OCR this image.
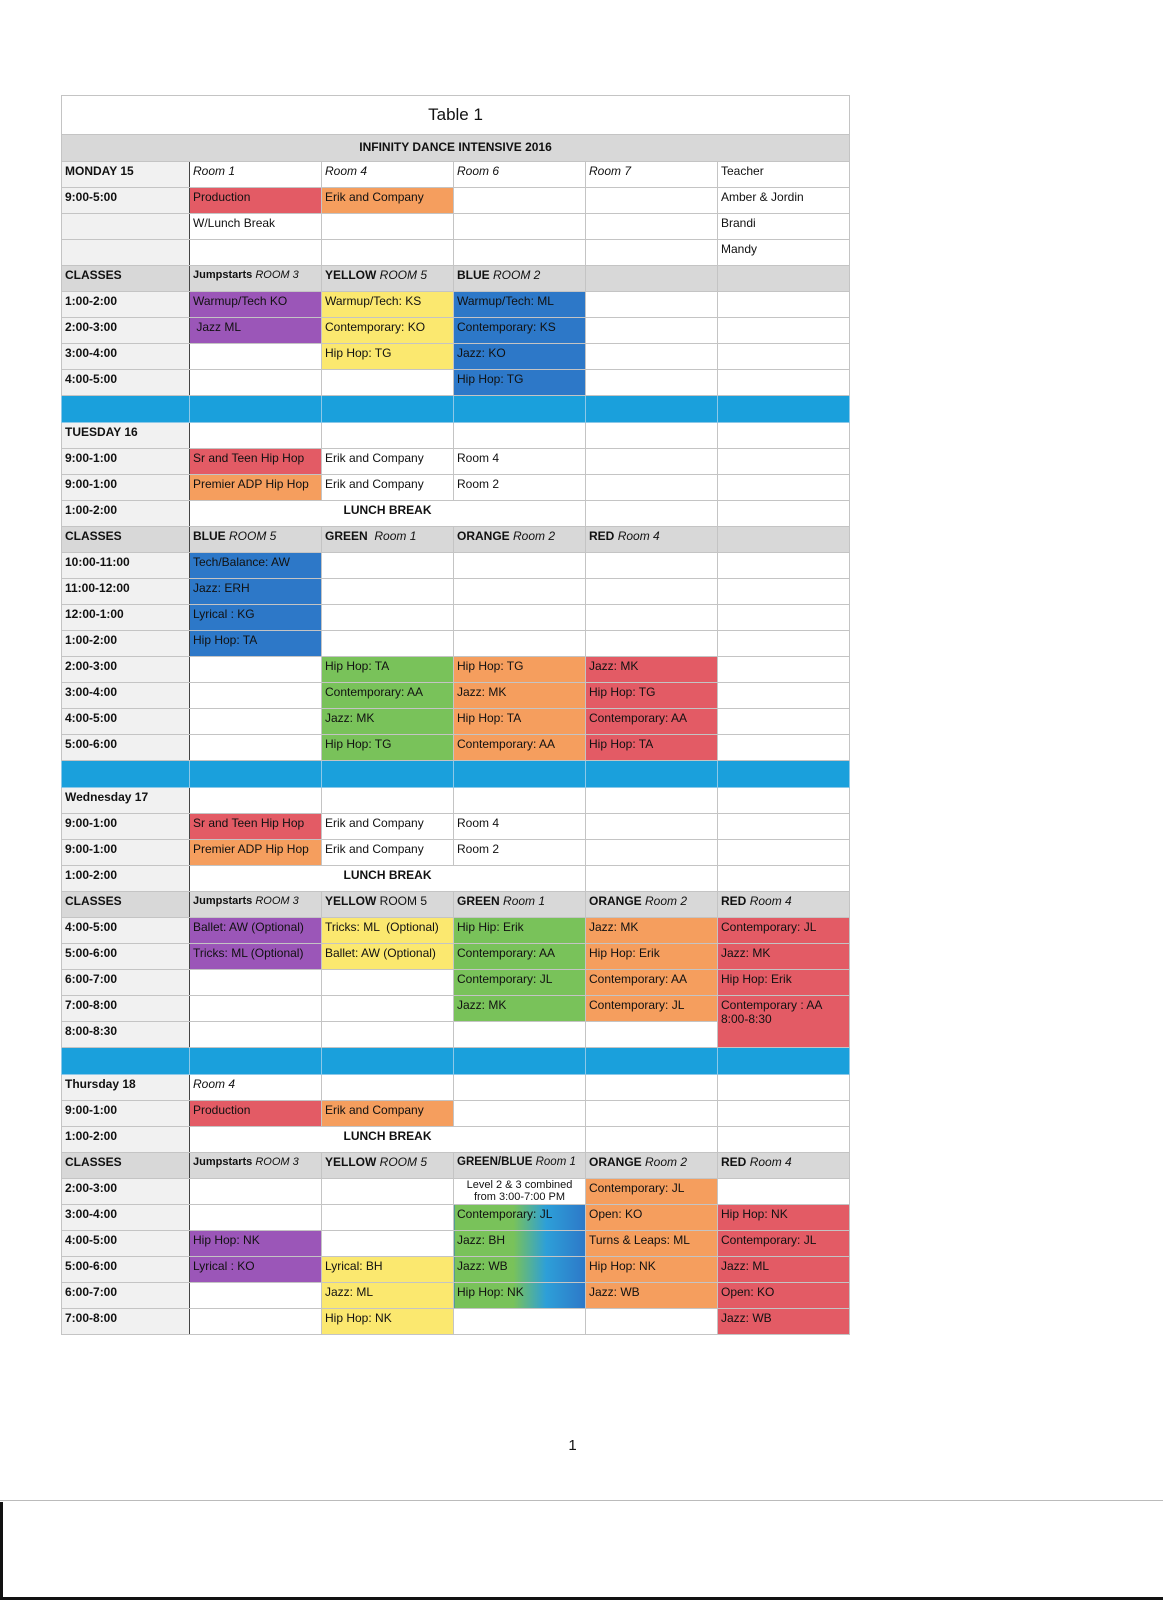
Table 1					
INFINITY DANCE INTENSIVE 2016					
MONDAY 15	Room 1	Room 4	Room 6	Room 7	Teacher
9:00-5:00	Production	Erik and Company			Amber & Jordin
	W/Lunch Break				Brandi
					Mandy
CLASSES	Jumpstarts ROOM 3	YELLOW ROOM 5	BLUE ROOM 2		
1:00-2:00	Warmup/Tech KO	Warmup/Tech: KS	Warmup/Tech: ML		
2:00-3:00	Jazz ML	Contemporary: KO	Contemporary: KS		
3:00-4:00		Hip Hop: TG	Jazz: KO		
4:00-5:00			Hip Hop: TG		

TUESDAY 16					
9:00-1:00	Sr and Teen Hip Hop	Erik and Company	Room 4		
9:00-1:00	Premier ADP Hip Hop	Erik and Company	Room 2		
1:00-2:00	LUNCH BREAK				
CLASSES	BLUE ROOM 5	GREEN Room 1	ORANGE Room 2	RED Room 4	
10:00-11:00	Tech/Balance: AW				
11:00-12:00	Jazz: ERH				
12:00-1:00	Lyrical : KG				
1:00-2:00	Hip Hop: TA				
2:00-3:00		Hip Hop: TA	Hip Hop: TG	Jazz: MK	
3:00-4:00		Contemporary: AA	Jazz: MK	Hip Hop: TG	
4:00-5:00		Jazz: MK	Hip Hop: TA	Contemporary: AA	
5:00-6:00		Hip Hop: TG	Contemporary: AA	Hip Hop: TA	

Wednesday 17					
9:00-1:00	Sr and Teen Hip Hop	Erik and Company	Room 4		
9:00-1:00	Premier ADP Hip Hop	Erik and Company	Room 2		
1:00-2:00	LUNCH BREAK				
CLASSES	Jumpstarts ROOM 3	YELLOW ROOM 5	GREEN Room 1	ORANGE Room 2	RED Room 4
4:00-5:00	Ballet: AW (Optional)	Tricks: ML  (Optional)	Hip Hip: Erik	Jazz: MK	Contemporary: JL
5:00-6:00	Tricks: ML (Optional)	Ballet: AW (Optional)	Contemporary: AA	Hip Hop: Erik	Jazz: MK
6:00-7:00			Contemporary: JL	Contemporary: AA	Hip Hop: Erik
7:00-8:00			Jazz: MK	Contemporary: JL	Contemporary : AA 8:00-8:30
8:00-8:30					

Thursday 18	Room 4				
9:00-1:00	Production	Erik and Company			
1:00-2:00	LUNCH BREAK				
CLASSES	Jumpstarts ROOM 3	YELLOW ROOM 5	GREEN/BLUE Room 1	ORANGE Room 2	RED Room 4
2:00-3:00			Level 2 & 3 combined from 3:00-7:00 PM	Contemporary: JL	
3:00-4:00			Contemporary: JL	Open: KO	Hip Hop: NK
4:00-5:00	Hip Hop: NK		Jazz: BH	Turns & Leaps: ML	Contemporary: JL
5:00-6:00	Lyrical : KO	Lyrical: BH	Jazz: WB	Hip Hop: NK	Jazz: ML
6:00-7:00		Jazz: ML	Hip Hop: NK	Jazz: WB	Open: KO
7:00-8:00		Hip Hop: NK			Jazz: WB
1
